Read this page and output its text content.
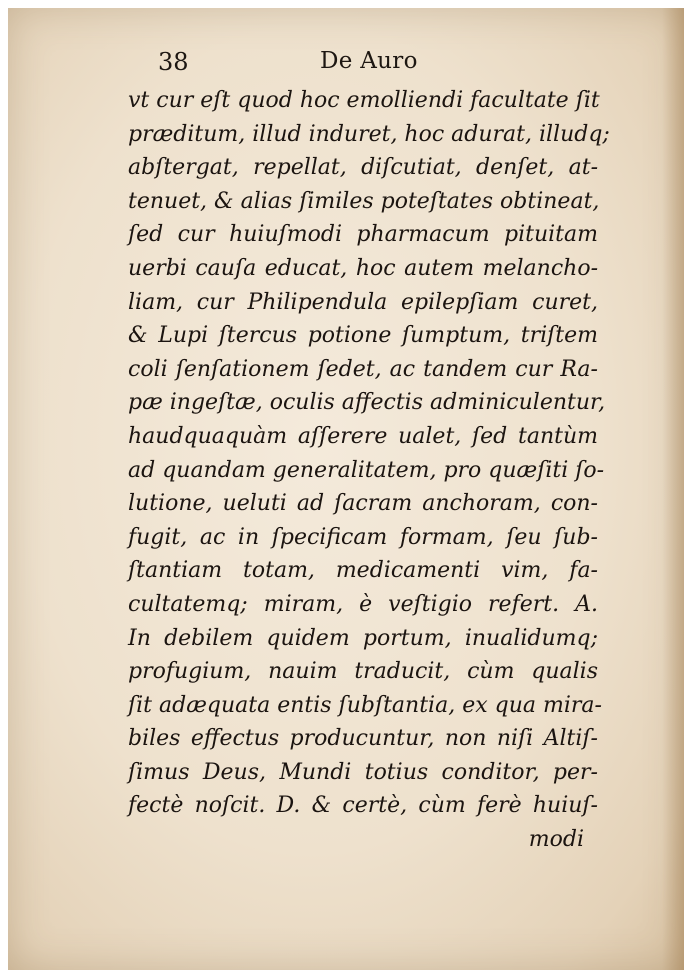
38	De Auro
vt cur eſt quod hoc emolliendi facultate ſit
præditum, illud induret, hoc adurat, illudq;
abſtergat, repellat, diſcutiat, denſet, at-
tenuet, & alias ſimiles poteſtates obtineat,
ſed cur huiuſmodi pharmacum pituitam
uerbi cauſa educat, hoc autem melancho-
liam, cur Philipendula epilepſiam curet,
& Lupi ſtercus potione ſumptum, triſtem
coli ſenſationem ſedet, ac tandem cur Ra-
pæ ingeſtæ, oculis affectis adminiculentur,
haudquaquàm aſſerere ualet, ſed tantùm
ad quandam generalitatem, pro quæſiti ſo-
lutione, ueluti ad ſacram anchoram, con-
fugit, ac in ſpecificam formam, ſeu ſub-
ſtantiam totam, medicamenti vim, fa-
cultatemq; miram, è veſtigio refert. A.
In debilem quidem portum, inualidumq;
profugium, nauim traducit, cùm qualis
ſit adæquata entis ſubſtantia, ex qua mira-
biles effectus producuntur, non niſi Altiſ-
ſimus Deus, Mundi totius conditor, per-
fectè noſcit. D. & certè, cùm ferè huiuſ-
modi
